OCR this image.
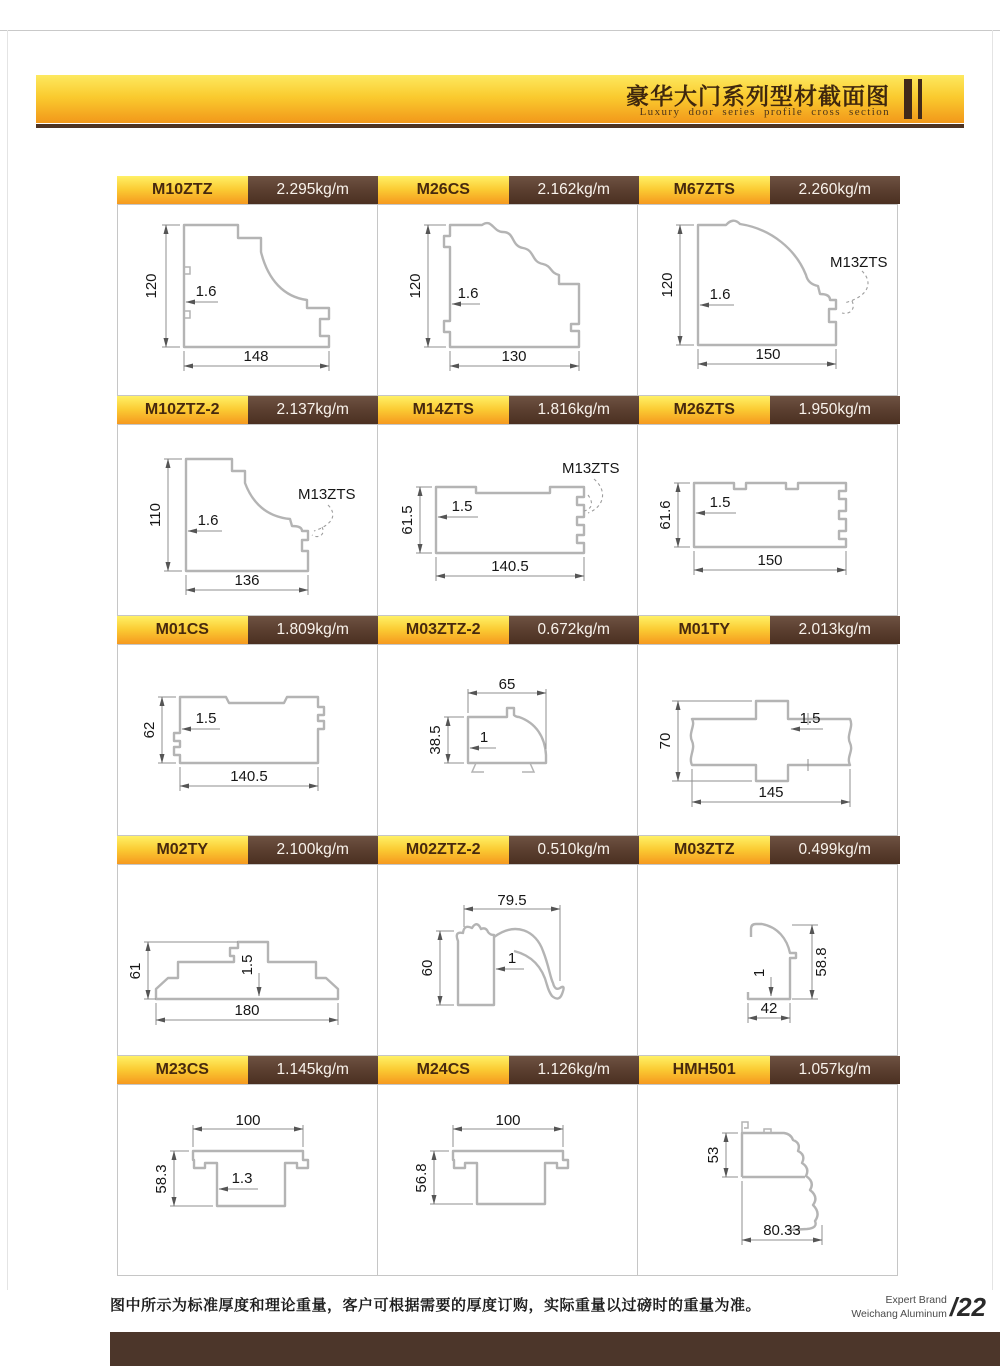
豪华大门系列型材截面图
Luxury door series profile cross section
M10ZTZ	2.295kg/m	M26CS	2.162kg/m	M67ZTS	2.260kg/m
120 1.6
148
120 1.6
130
120 1.6
150
M13ZTS
M10ZTZ-2	2.137kg/m	M14ZTS	1.816kg/m	M26ZTS	1.950kg/m
110 1.6
136
M13ZTS
61.5 1.5
140.5
M13ZTS
61.6 1.5
150
M01CS	1.809kg/m	M03ZTZ-2	0.672kg/m	M01TY	2.013kg/m
62
1.5
140.5
65
38.5 1	70
1.5
145
M02TY	2.100kg/m	M02ZTZ-2	0.510kg/m	M03ZTZ	0.499kg/m
61	1.5
180
79.5
60
1	58.8
1
42
M23CS	1.145kg/m	M24CS	1.126kg/m	HMH501	1.057kg/m
100
58.3	1.3
100
56.8
53
80.33
图中所示为标准厚度和理论重量，客户可根据需要的厚度订购，实际重量以过磅时的重量为准。	Expert Brand
Weichang Aluminum /22
